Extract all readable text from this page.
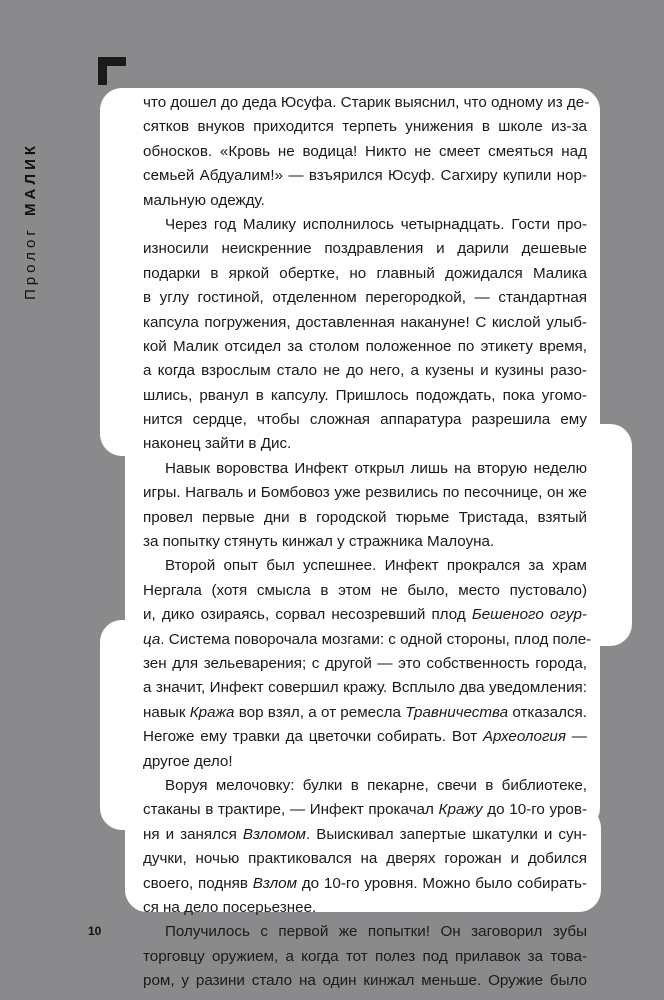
Пролог МАЛИК
что дошел до деда Юсуфа. Старик выяснил, что одному из де-
сятков внуков приходится терпеть унижения в школе из-за
обносков. «Кровь не водица! Никто не смеет смеяться над
семьей Абдуалим!» — взъярился Юсуф. Сагхиру купили нор-
мальную одежду.
Через год Малику исполнилось четырнадцать. Гости про-
износили неискренние поздравления и дарили дешевые
подарки в яркой обертке, но главный дожидался Малика
в углу гостиной, отделенном перегородкой, — стандартная
капсула погружения, доставленная накануне! С кислой улыб-
кой Малик отсидел за столом положенное по этикету время,
а когда взрослым стало не до него, а кузены и кузины разо-
шлись, рванул в капсулу. Пришлось подождать, пока угомо-
нится сердце, чтобы сложная аппаратура разрешила ему
наконец зайти в Дис.
Навык воровства Инфект открыл лишь на вторую неделю
игры. Нагваль и Бомбовоз уже резвились по песочнице, он же
провел первые дни в городской тюрьме Тристада, взятый
за попытку стянуть кинжал у стражника Малоуна.
Второй опыт был успешнее. Инфект прокрался за храм
Нергала (хотя смысла в этом не было, место пустовало)
и, дико озираясь, сорвал несозревший плод Бешеного огур-
ца. Система поворочала мозгами: с одной стороны, плод поле-
зен для зельеварения; с другой — это собственность города,
а значит, Инфект совершил кражу. Всплыло два уведомления:
навык Кража вор взял, а от ремесла Травничества отказался.
Негоже ему травки да цветочки собирать. Вот Археология —
другое дело!
Воруя мелочовку: булки в пекарне, свечи в библиотеке,
стаканы в трактире, — Инфект прокачал Кражу до 10-го уров-
ня и занялся Взломом. Выискивал запертые шкатулки и сун-
дучки, ночью практиковался на дверях горожан и добился
своего, подняв Взлом до 10-го уровня. Можно было собирать-
ся на дело посерьезнее.
Получилось с первой же попытки! Он заговорил зубы
торговцу оружием, а когда тот полез под прилавок за това-
ром, у разини стало на один кинжал меньше. Оружие было
10
